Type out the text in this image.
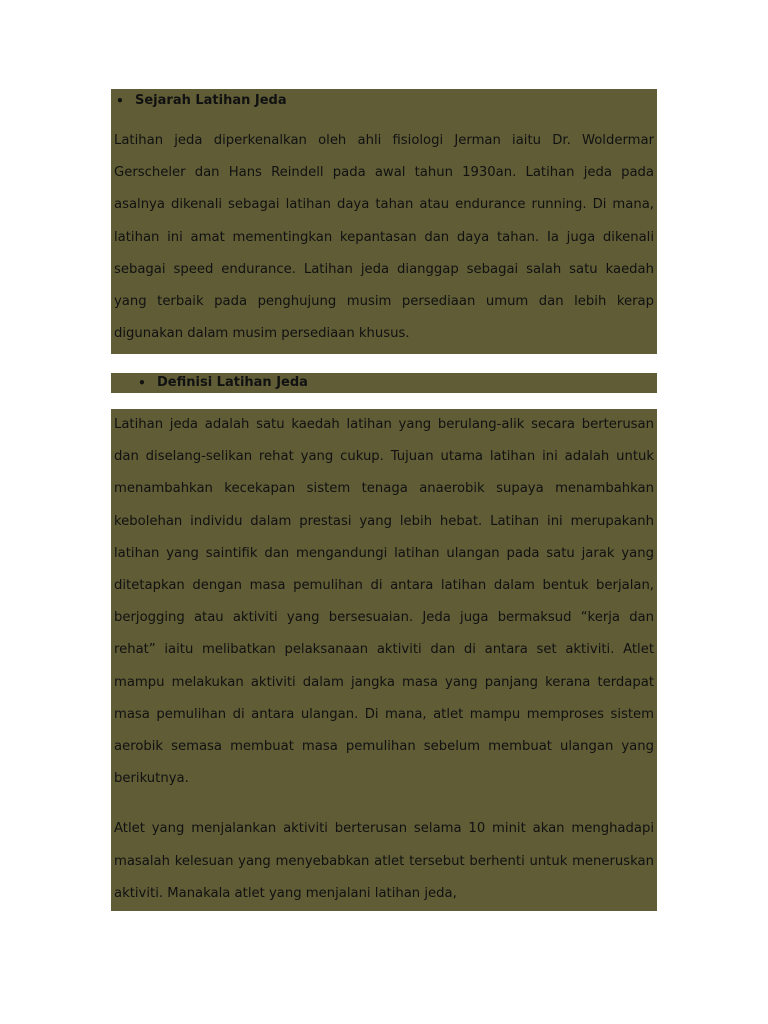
• Sejarah Latihan Jeda

Latihan jeda diperkenalkan oleh ahli fisiologi Jerman iaitu Dr. Woldermar Gerscheler dan Hans Reindell pada awal tahun 1930an. Latihan jeda pada asalnya dikenali sebagai latihan daya tahan atau endurance running. Di mana, latihan ini amat mementingkan kepantasan dan daya tahan. Ia juga dikenali sebagai speed endurance. Latihan jeda dianggap sebagai salah satu kaedah yang terbaik pada penghujung musim persediaan umum dan lebih kerap digunakan dalam musim persediaan khusus.

• Definisi Latihan Jeda

Latihan jeda adalah satu kaedah latihan yang berulang-alik secara berterusan dan diselang-selikan rehat yang cukup. Tujuan utama latihan ini adalah untuk menambahkan kecekapan sistem tenaga anaerobik supaya menambahkan kebolehan individu dalam prestasi yang lebih hebat. Latihan ini merupakanh latihan yang saintifik dan mengandungi latihan ulangan pada satu jarak yang ditetapkan dengan masa pemulihan di antara latihan dalam bentuk berjalan, berjogging atau aktiviti yang bersesuaian. Jeda juga bermaksud “kerja dan rehat” iaitu melibatkan pelaksanaan aktiviti dan di antara set aktiviti. Atlet mampu melakukan aktiviti dalam jangka masa yang panjang kerana terdapat masa pemulihan di antara ulangan. Di mana, atlet mampu memproses sistem aerobik semasa membuat masa pemulihan sebelum membuat ulangan yang berikutnya.

Atlet yang menjalankan aktiviti berterusan selama 10 minit akan menghadapi masalah kelesuan yang menyebabkan atlet tersebut berhenti untuk meneruskan aktiviti. Manakala atlet yang menjalani latihan jeda,
